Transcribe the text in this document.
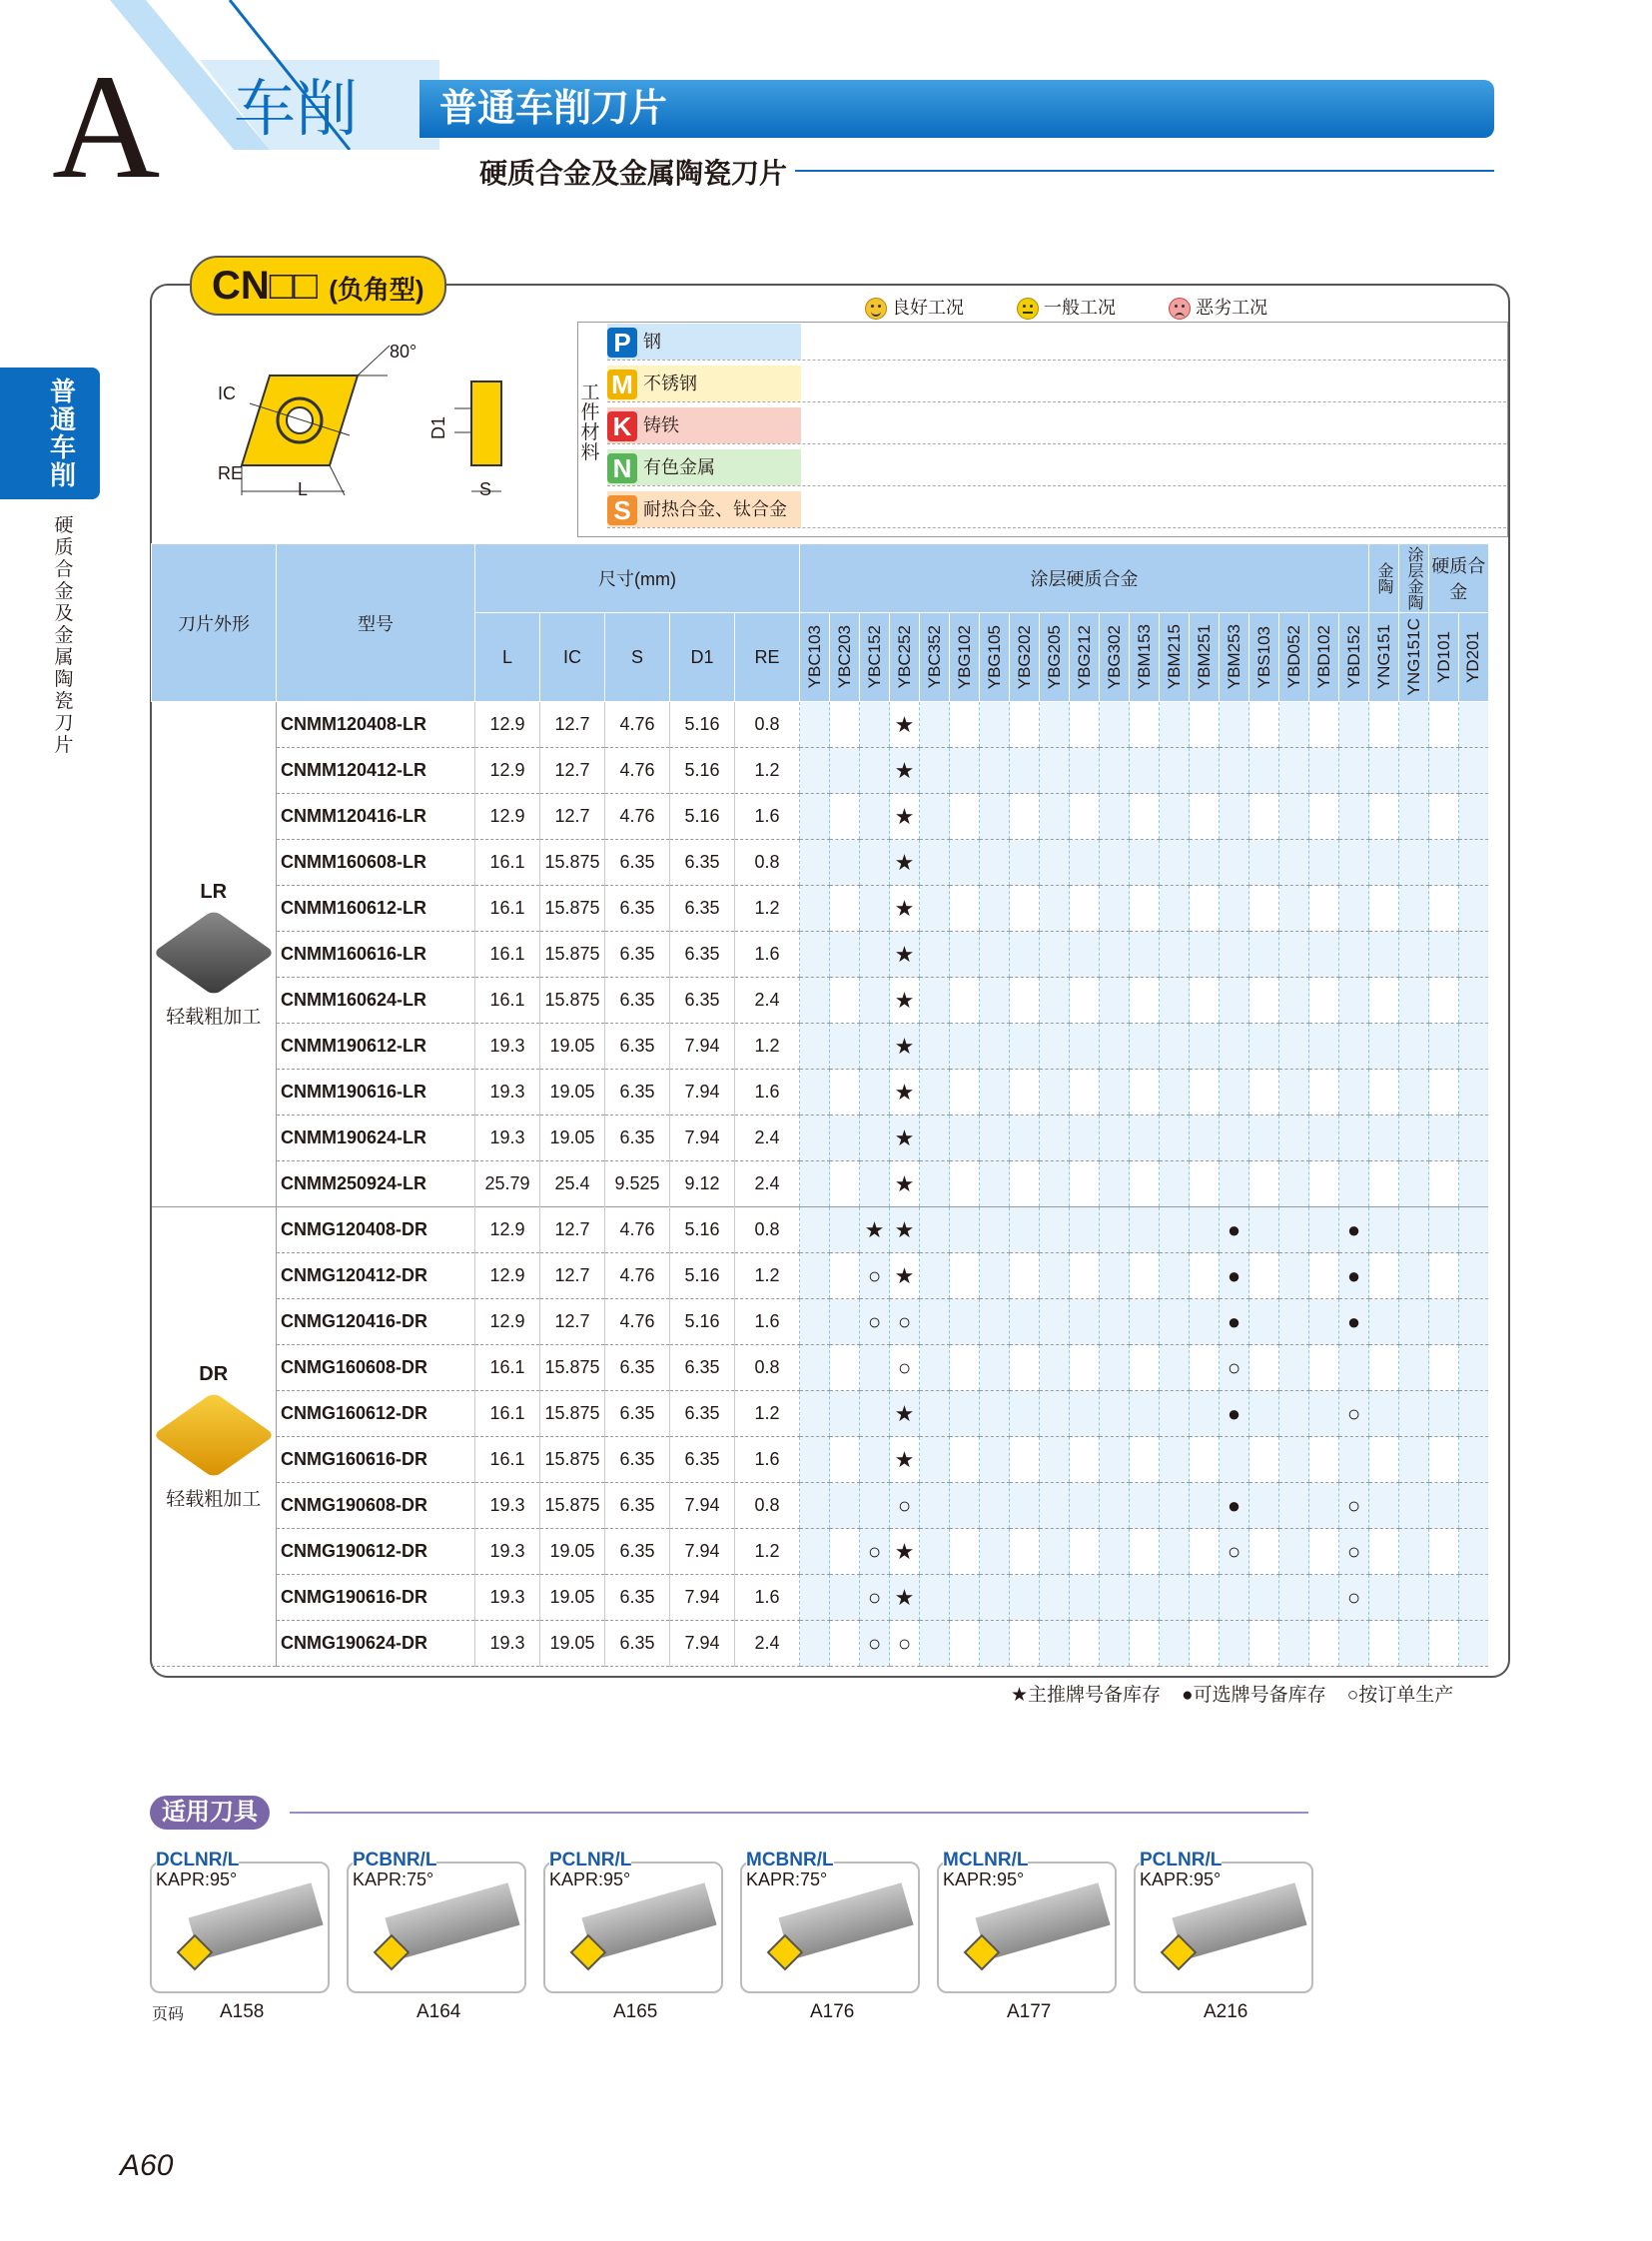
A 车削 普通车削刀片
硬质合金及金属陶瓷刀片
普通车削
硬质合金及金属陶瓷刀片
CN□□ (负角型)
80°
IC
RE
L
D1
S
良好工况	一般工况	恶劣工况
工件材料
钢
P
不锈钢
M
铸铁
K
有色金属
N
耐热合金、钛合金
S
刀片外形	型号	尺寸(mm)					涂层硬质合金																			金陶	涂层金陶	硬质合金	
		L	IC	S	D1	RE	YBC103	YBC203	YBC152	YBC252	YBC352	YBG102	YBG105	YBG202	YBG205	YBG212	YBG302	YBM153	YBM215	YBM251	YBM253	YBS103	YBD052	YBD102	YBD152	YNG151	YNG151C	YD101	YD201

LR
轻载粗加工	CNMM120408-LR	12.9	12.7	4.76	5.16	0.8				★																			
	CNMM120412-LR	12.9	12.7	4.76	5.16	1.2				★																			
	CNMM120416-LR	12.9	12.7	4.76	5.16	1.6				★																			
	CNMM160608-LR	16.1	15.875	6.35	6.35	0.8				★																			
	CNMM160612-LR	16.1	15.875	6.35	6.35	1.2				★																			
	CNMM160616-LR	16.1	15.875	6.35	6.35	1.6				★																			
	CNMM160624-LR	16.1	15.875	6.35	6.35	2.4				★																			
	CNMM190612-LR	19.3	19.05	6.35	7.94	1.2				★																			
	CNMM190616-LR	19.3	19.05	6.35	7.94	1.6				★																			
	CNMM190624-LR	19.3	19.05	6.35	7.94	2.4				★																			
	CNMM250924-LR	25.79	25.4	9.525	9.12	2.4				★																			

DR
轻载粗加工	CNMG120408-DR	12.9	12.7	4.76	5.16	0.8			★	★											●				●				
	CNMG120412-DR	12.9	12.7	4.76	5.16	1.2			○	★											●				●				
	CNMG120416-DR	12.9	12.7	4.76	5.16	1.6			○	○											●				●				
	CNMG160608-DR	16.1	15.875	6.35	6.35	0.8				○											○								
	CNMG160612-DR	16.1	15.875	6.35	6.35	1.2				★											●				○				
	CNMG160616-DR	16.1	15.875	6.35	6.35	1.6				★																			
	CNMG190608-DR	19.3	15.875	6.35	7.94	0.8				○											●				○				
	CNMG190612-DR	19.3	19.05	6.35	7.94	1.2			○	★											○				○				
	CNMG190616-DR	19.3	19.05	6.35	7.94	1.6			○	★															○				
	CNMG190624-DR	19.3	19.05	6.35	7.94	2.4			○	○																			
★主推牌号备库存 ●可选牌号备库存 ○按订单生产
适用刀具
DCLNR/L
KAPR:95°
A158
PCBNR/L
KAPR:75°
A164
PCLNR/L
KAPR:95°
A165
MCBNR/L
KAPR:75°
A176
MCLNR/L
KAPR:95°
A177
PCLNR/L
KAPR:95°
A216
页码
A60
